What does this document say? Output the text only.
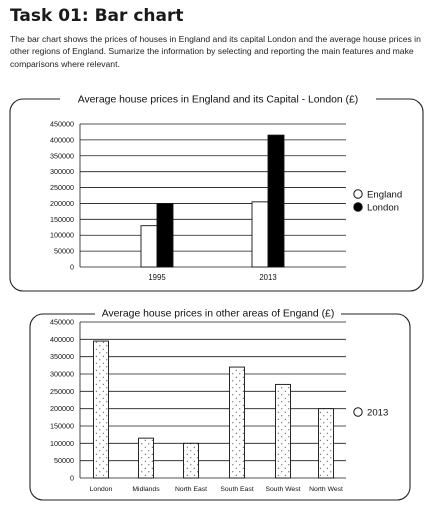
Task 01: Bar chart

The bar chart shows the prices of houses in England and its capital London and the average house prices in other regions of England. Sumarize the information by selecting and reporting the main features and make comparisons where relevant.

Average house prices in England and its Capital - London (£)
0
50000
100000
150000
200000
250000
300000
350000
400000
450000
1995	2013
England
London
Average house prices in other areas of Engand (£)
0
50000
100000
150000
200000
250000
300000
350000
400000
450000
London	Midlands North East South East South West North West
2013
